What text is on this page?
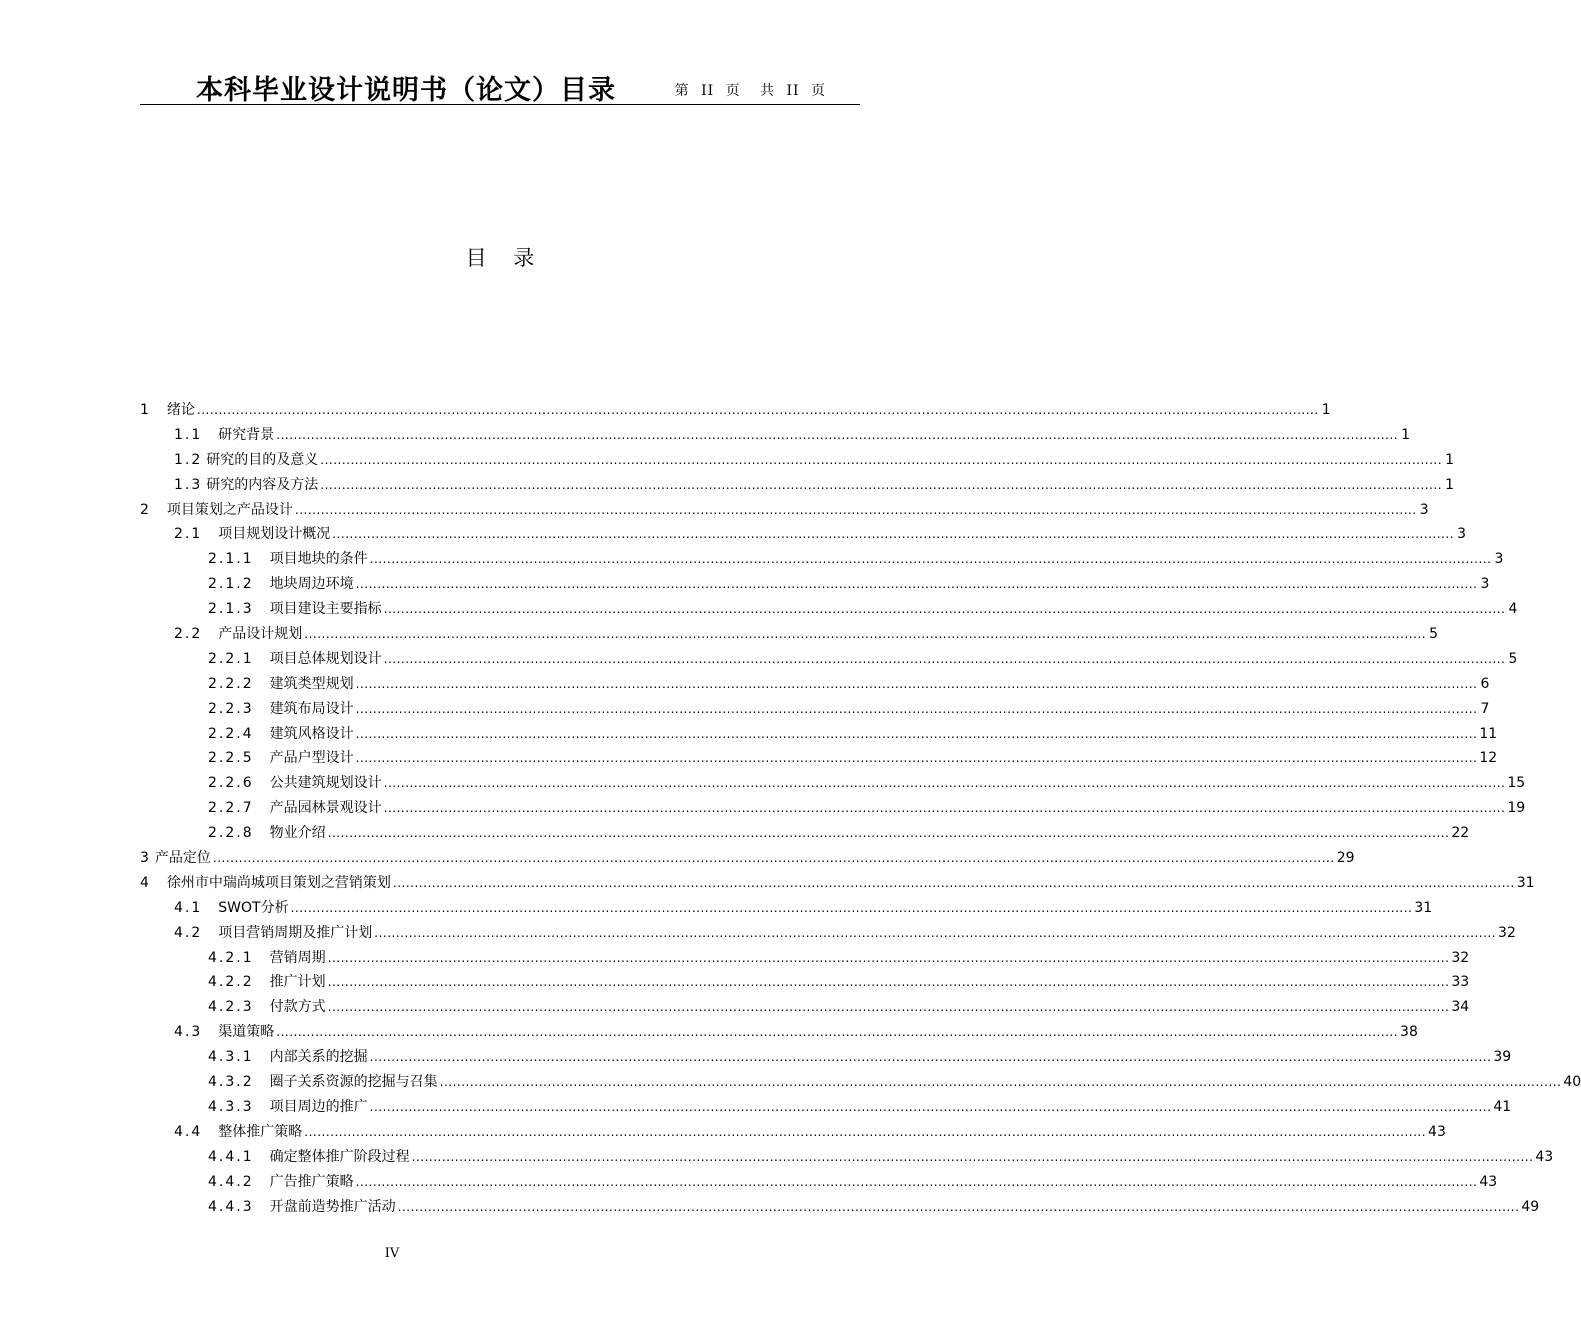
本科毕业设计说明书（论文）目录	第 II 页 共 II 页
目    录
1 绪论 .................................................................................................................................................................................................................................................................... 1
1.1 研究背景 .................................................................................................................................................................................................................................................................... 1
1.2 研究的目的及意义 .................................................................................................................................................................................................................................................................... 1
1.3 研究的内容及方法 .................................................................................................................................................................................................................................................................... 1
2 项目策划之产品设计 .................................................................................................................................................................................................................................................................... 3
2.1 项目规划设计概况 .................................................................................................................................................................................................................................................................... 3
2.1.1 项目地块的条件 .................................................................................................................................................................................................................................................................... 3
2.1.2 地块周边环境 .................................................................................................................................................................................................................................................................... 3
2.1.3 项目建设主要指标 .................................................................................................................................................................................................................................................................... 4
2.2 产品设计规划 .................................................................................................................................................................................................................................................................... 5
2.2.1 项目总体规划设计 .................................................................................................................................................................................................................................................................... 5
2.2.2 建筑类型规划 .................................................................................................................................................................................................................................................................... 6
2.2.3 建筑布局设计 .................................................................................................................................................................................................................................................................... 7
2.2.4 建筑风格设计 .................................................................................................................................................................................................................................................................... 11
2.2.5 产品户型设计 .................................................................................................................................................................................................................................................................... 12
2.2.6 公共建筑规划设计 .................................................................................................................................................................................................................................................................... 15
2.2.7 产品园林景观设计 .................................................................................................................................................................................................................................................................... 19
2.2.8 物业介绍 .................................................................................................................................................................................................................................................................... 22
3 产品定位 .................................................................................................................................................................................................................................................................... 29
4 徐州市中瑞尚城项目策划之营销策划 .................................................................................................................................................................................................................................................................... 31
4.1 SWOT分析 .................................................................................................................................................................................................................................................................... 31
4.2 项目营销周期及推广计划 .................................................................................................................................................................................................................................................................... 32
4.2.1 营销周期 .................................................................................................................................................................................................................................................................... 32
4.2.2 推广计划 .................................................................................................................................................................................................................................................................... 33
4.2.3 付款方式 .................................................................................................................................................................................................................................................................... 34
4.3 渠道策略 .................................................................................................................................................................................................................................................................... 38
4.3.1 内部关系的挖掘 .................................................................................................................................................................................................................................................................... 39
4.3.2 圈子关系资源的挖掘与召集 .................................................................................................................................................................................................................................................................... 40
4.3.3 项目周边的推广 .................................................................................................................................................................................................................................................................... 41
4.4 整体推广策略 .................................................................................................................................................................................................................................................................... 43
4.4.1 确定整体推广阶段过程 .................................................................................................................................................................................................................................................................... 43
4.4.2 广告推广策略 .................................................................................................................................................................................................................................................................... 43
4.4.3 开盘前造势推广活动 .................................................................................................................................................................................................................................................................... 49
IV
